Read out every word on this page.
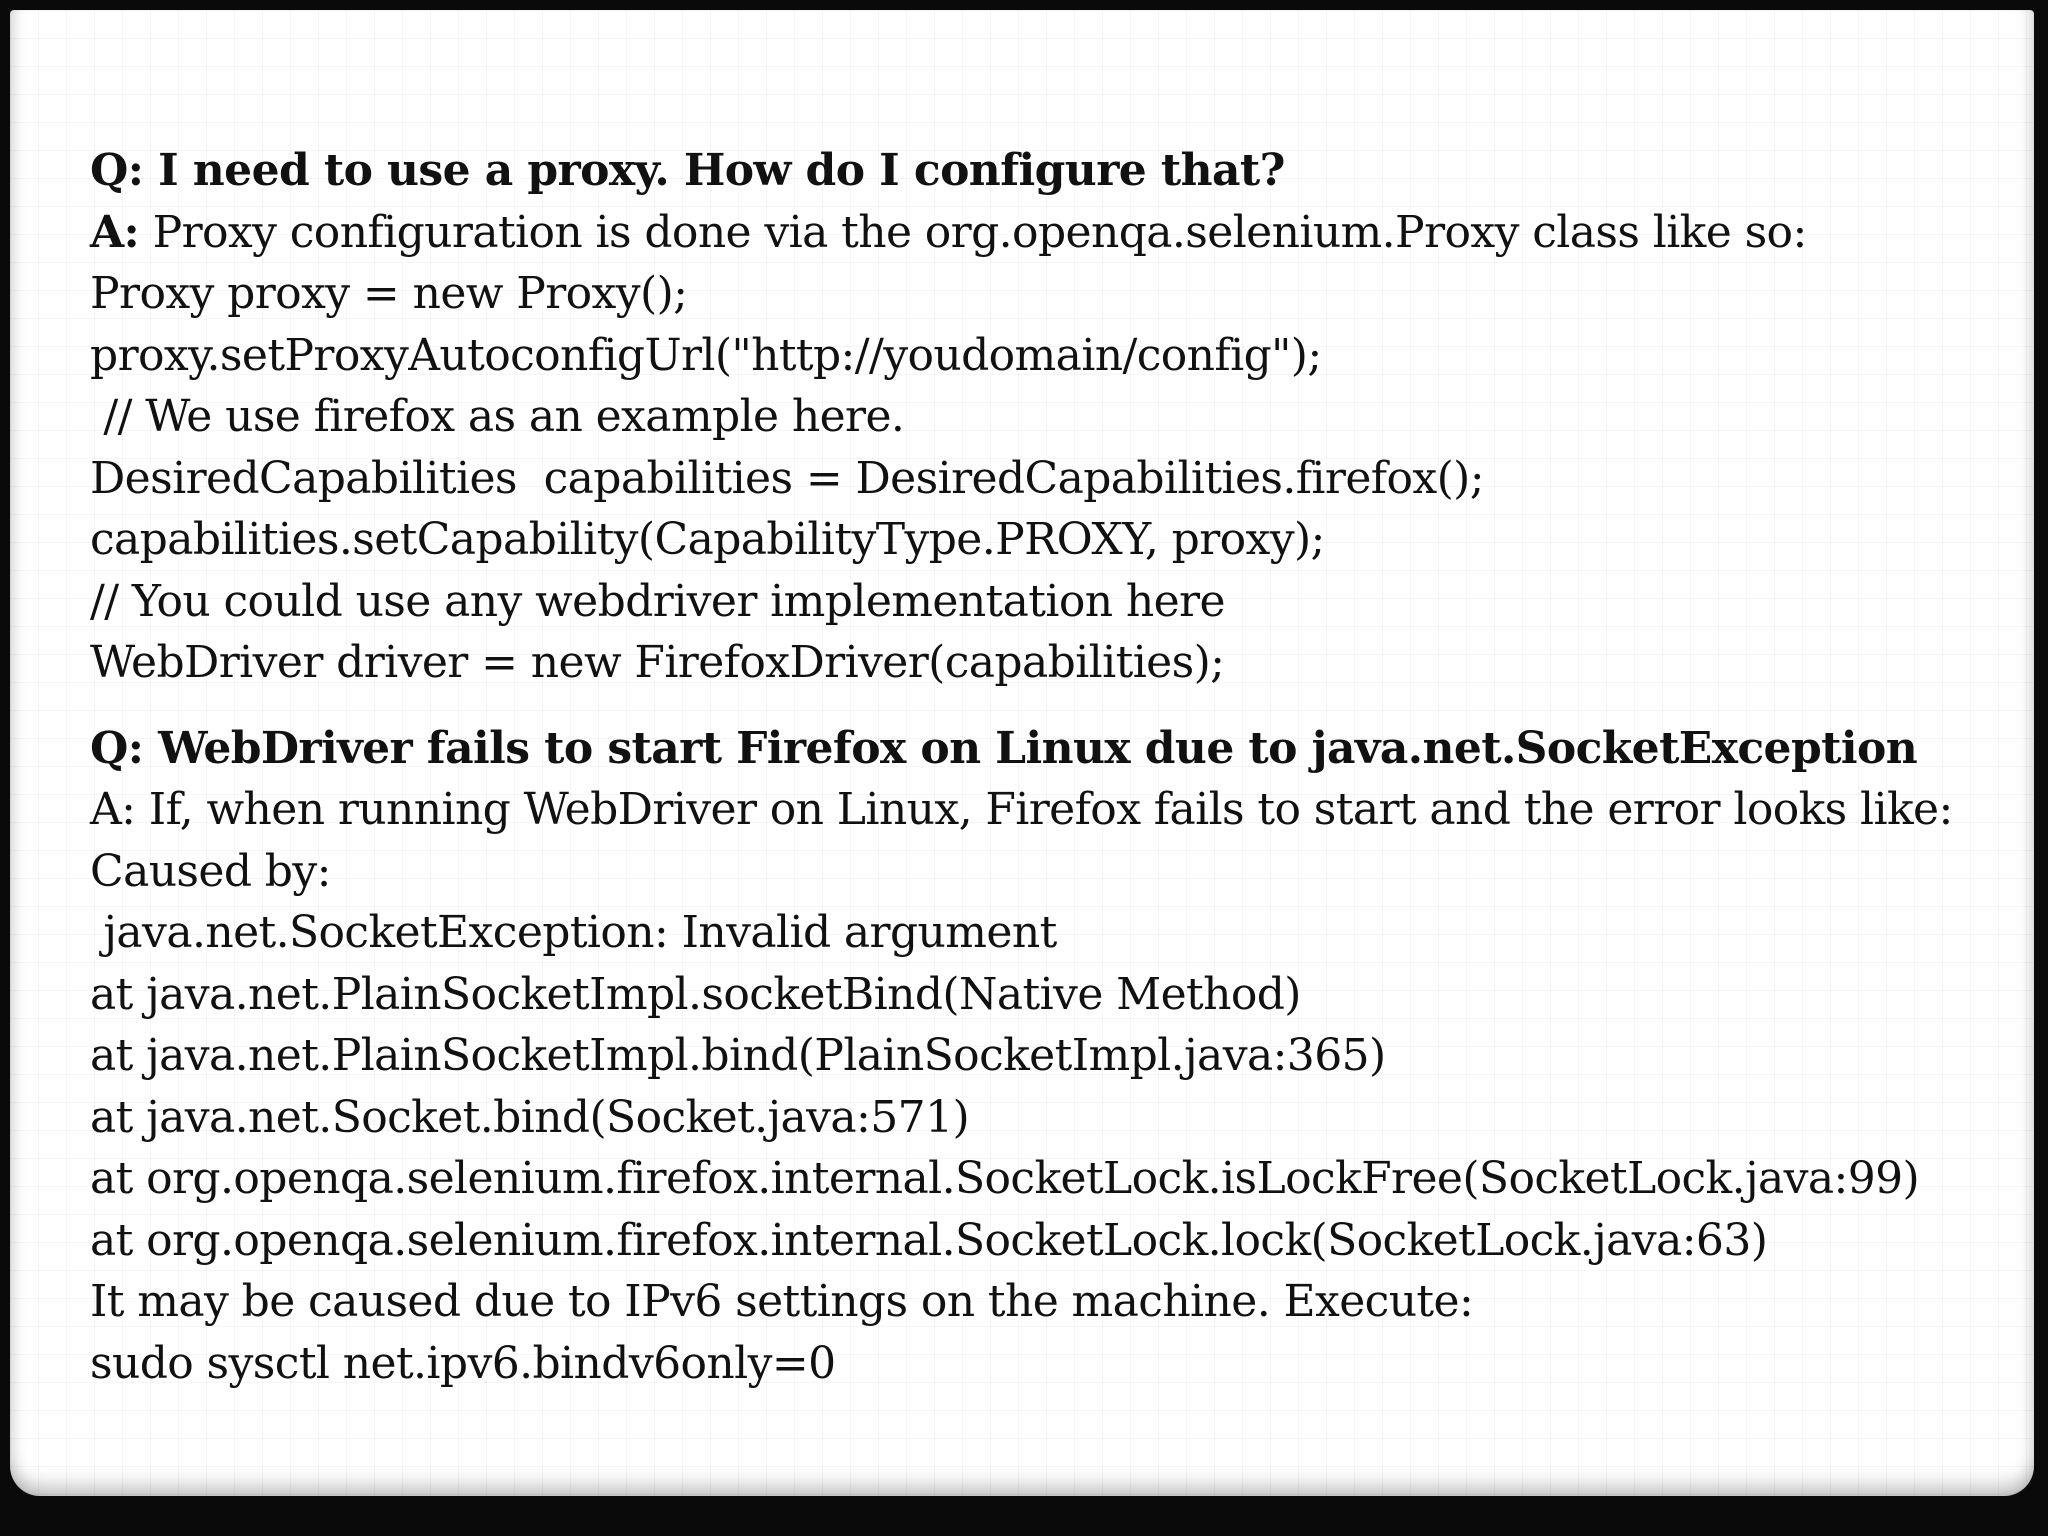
Q: I need to use a proxy. How do I configure that?
A: Proxy configuration is done via the org.openqa.selenium.Proxy class like so:
Proxy proxy = new Proxy();
proxy.setProxyAutoconfigUrl("http://youdomain/config");
// We use firefox as an example here.
DesiredCapabilities  capabilities = DesiredCapabilities.firefox();
capabilities.setCapability(CapabilityType.PROXY, proxy);
// You could use any webdriver implementation here
WebDriver driver = new FirefoxDriver(capabilities);
Q: WebDriver fails to start Firefox on Linux due to java.net.SocketException
A: If, when running WebDriver on Linux, Firefox fails to start and the error looks like:
Caused by:
java.net.SocketException: Invalid argument
at java.net.PlainSocketImpl.socketBind(Native Method)
at java.net.PlainSocketImpl.bind(PlainSocketImpl.java:365)
at java.net.Socket.bind(Socket.java:571)
at org.openqa.selenium.firefox.internal.SocketLock.isLockFree(SocketLock.java:99)
at org.openqa.selenium.firefox.internal.SocketLock.lock(SocketLock.java:63)
It may be caused due to IPv6 settings on the machine. Execute:
sudo sysctl net.ipv6.bindv6only=0
